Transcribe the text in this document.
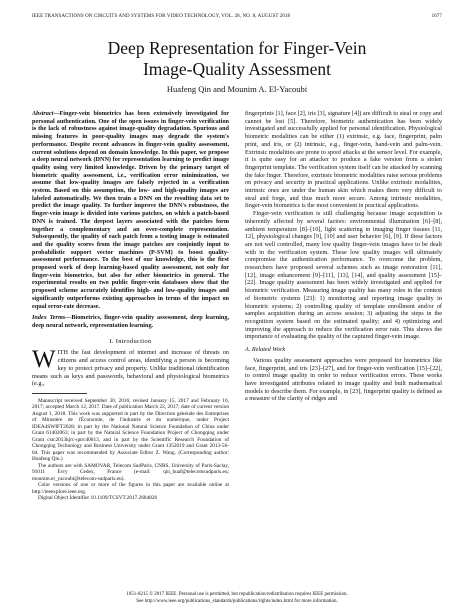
IEEE TRANSACTIONS ON CIRCUITS AND SYSTEMS FOR VIDEO TECHNOLOGY, VOL. 28, NO. 8, AUGUST 2018	1677
Deep Representation for Finger-Vein
Image-Quality Assessment
Huafeng Qin and Mounim A. El-Yacoubi

Abstract—Finger-vein biometrics has been extensively investigated for personal authentication. One of the open issues in finger-vein verification is the lack of robustness against image-quality degradation. Spurious and missing features in poor-quality images may degrade the system's performance. Despite recent advances in finger-vein quality assessment, current solutions depend on domain knowledge. In this paper, we propose a deep neural network (DNN) for representation learning to predict image quality using very limited knowledge. Driven by the primary target of biometric quality assessment, i.e., verification error minimization, we assume that low-quality images are falsely rejected in a verification system. Based on this assumption, the low- and high-quality images are labeled automatically. We then train a DNN on the resulting data set to predict the image quality. To further improve the DNN's robustness, the finger-vein image is divided into various patches, on which a patch-based DNN is trained. The deepest layers associated with the patches form together a complementary and an over-complete representation. Subsequently, the quality of each patch from a testing image is estimated and the quality scores from the image patches are conjointly input to probabilistic support vector machines (P-SVM) to boost quality-assessment performance. To the best of our knowledge, this is the first proposed work of deep learning-based quality assessment, not only for finger-vein biometrics, but also for other biometrics in general. The experimental results on two public finger-vein databases show that the proposed scheme accurately identifies high- and low-quality images and significantly outperforms existing approaches in terms of the impact on equal error-rate decrease.

Index Terms—Biometrics, finger-vein quality assessment, deep learning, deep neural network, representation learning.

I. Introduction

WITH the fast development of internet and increase of threats on citizens and access control areas, identifying a person is becoming key to protect privacy and property. Unlike traditional identification means such as keys and passwords, behavioral and physiological biometrics (e.g.,

Manuscript received September 30, 2016; revised January 15, 2017 and February 16, 2017; accepted March 12, 2017. Date of publication March 22, 2017; date of current version August 1, 2018. This work was supported in part by the Direction générale des Entreprises of Ministère de l'Économie, de l'industrie et du numérique, under Project IDEA4SWIFT2028; in part by the National Natural Science Foundation of China under Grant 61402063; in part by the Natural Science Foundation Project of Chongqing under Grant cstc2013kjrc-qnrc40013, and in part by the Scientific Research Foundation of Chongqing Technology and Business University under Grant 1352019 and Grant 2013-56-04. This paper was recommended by Associate Editor Z. Wang. (Corresponding author: Huafeng Qin.)

The authors are with SAMOVAR, Telecom SudParis, CNRS, University of Paris-Saclay, 91011 Evry Cedex, France (e-mail: qin_huaf@telecomsudparis.eu; mounim.el_yacoubi@telecom-sudparis.eu).

Color versions of one or more of the figures in this paper are available online at http://ieeexplore.ieee.org.

Digital Object Identifier 10.1109/TCSVT.2017.2684826

fingerprints [1], face [2], iris [3], signature [4]) are difficult to steal or copy and cannot be lost [5]. Therefore, biometric authentication has been widely investigated and successfully applied for personal identification. Physiological biometric modalities can be either (1) extrinsic, e.g. face, fingerprint, palm print, and iris, or (2) intrinsic, e.g., finger-vein, hand-vein and palm-vein. Extrinsic modalities are prone to spoof attacks at the sensor level. For example, it is quite easy for an attacker to produce a fake version from a stolen fingerprint template. The verification system itself can be attacked by scanning the fake finger. Therefore, extrinsic biometric modalities raise serious problems on privacy and security in practical applications. Unlike extrinsic modalities, intrinsic ones are under the human skin which makes them very difficult to steal and forge, and thus much more secure. Among intrinsic modalities, finger-vein biometrics is the most convenient in practical applications.

Finger-vein verification is still challenging because image acquisition is inherently affected by several factors: environmental illumination [6]–[8], ambient temperature [8]–[10], light scattering in imaging finger tissues [11, 12], physiological changes [9], [10] and user behavior [6], [9]. If these factors are not well controlled, many low quality finger-vein images have to be dealt with in the verification system. These low quality images will ultimately compromise the authentication performance. To overcome the problem, researchers have proposed several schemes such as image restoration [11], [12], image enhancement [9]–[11], [13], [14], and quality assessment [15]–[22]. Image quality assessment has been widely investigated and applied for biometric verification. Measuring image quality has many roles in the context of biometric systems [23]: 1) monitoring and reporting image quality in biometric systems; 2) controlling quality of template enrollment and/or of samples acquisition during an access session; 3) adjusting the steps in the recognition system based on the estimated quality; and 4) optimizing and improving the approach to reduce the verification error rate. This shows the importance of evaluating the quality of the captured finger-vein image.

A. Related Work

Various quality assessment approaches were proposed for biometrics like face, fingerprint, and iris [23]–[27], and for finger-vein verification [15]–[22], to control image quality in order to reduce verification errors. These works have investigated attributes related to image quality and built mathematical models to describe them. For example, in [23], fingerprint quality is defined as a measure of the clarity of ridges and

1051-8215 © 2017 IEEE. Personal use is permitted, but republication/redistribution requires IEEE permission.
See http://www.ieee.org/publications_standards/publications/rights/index.html for more information.
